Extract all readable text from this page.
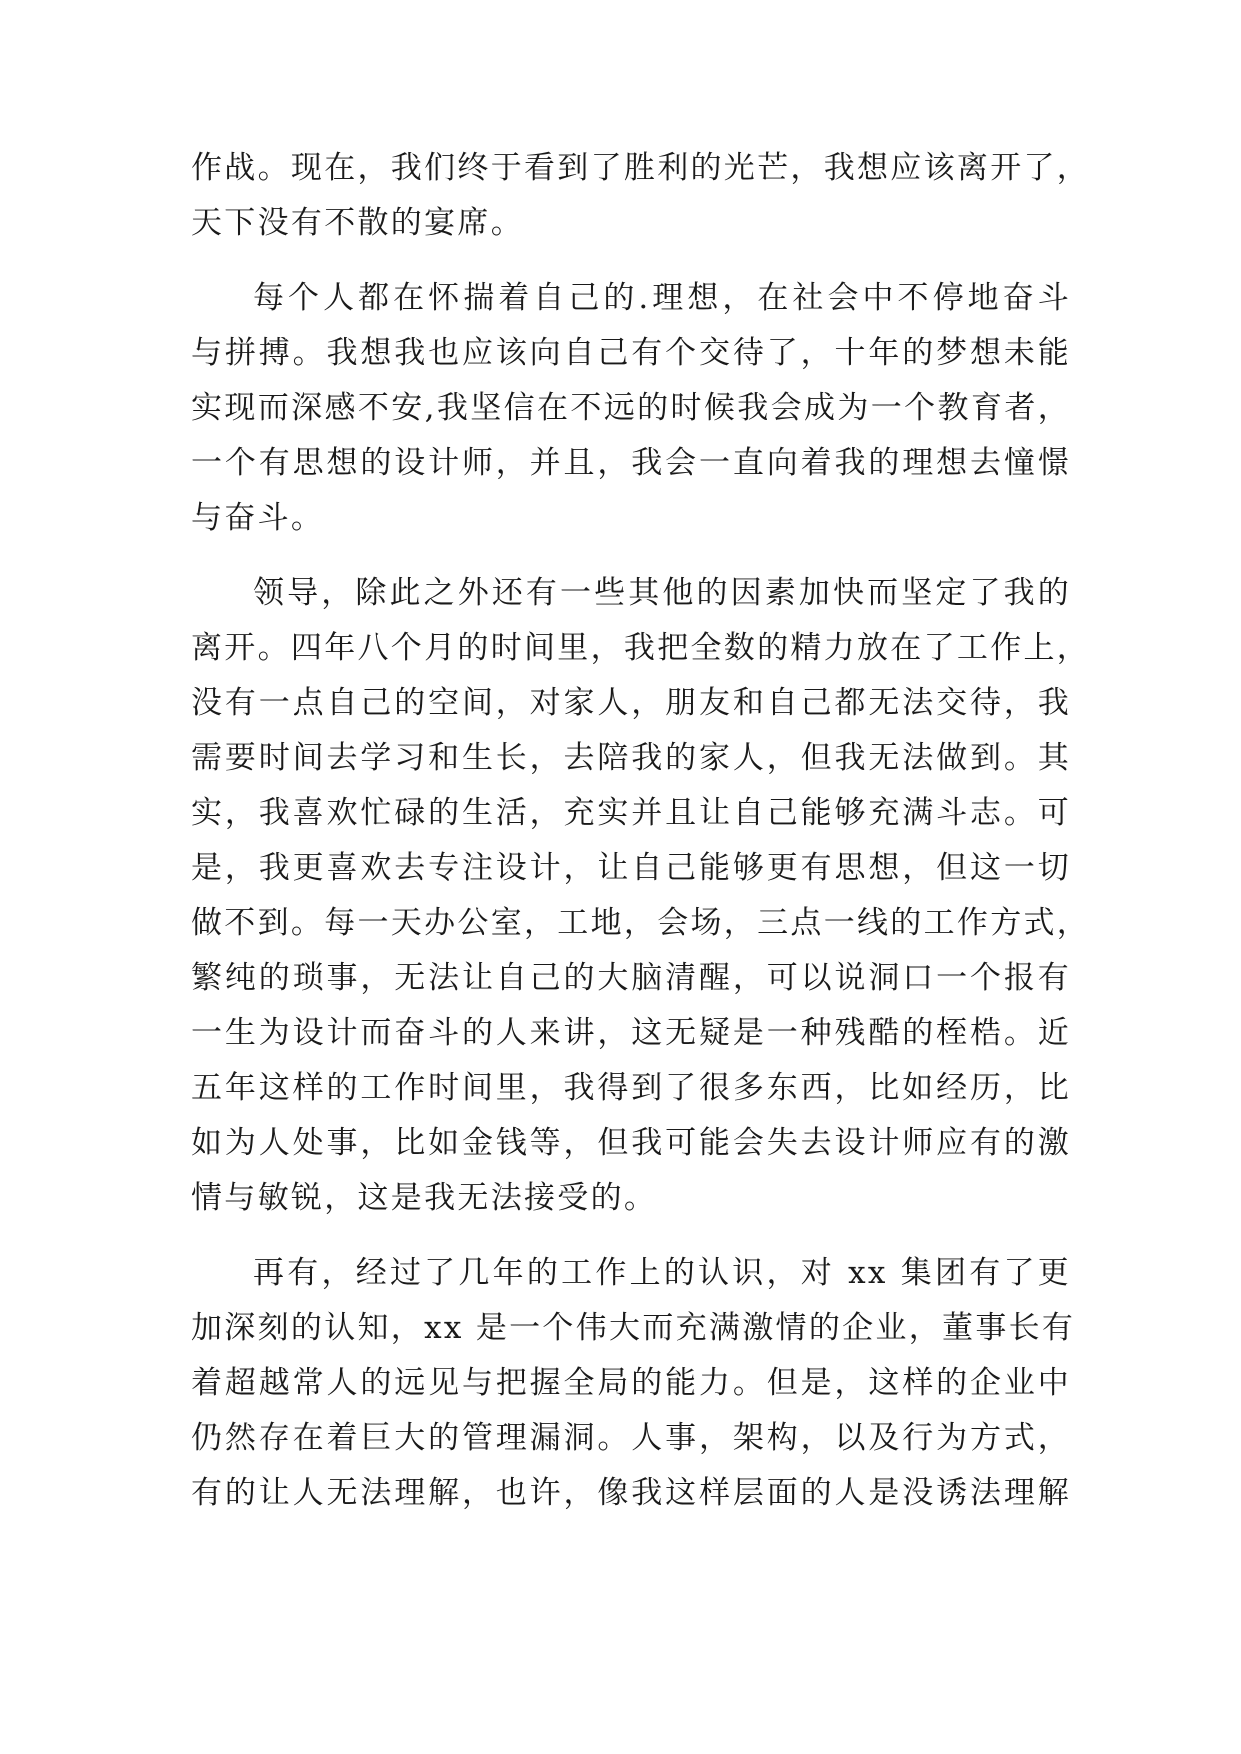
作战。现在，我们终于看到了胜利的光芒，我想应该离开了，
天下没有不散的宴席。
每个人都在怀揣着自己的.理想，在社会中不停地奋斗
与拼搏。我想我也应该向自己有个交待了，十年的梦想未能
实现而深感不安,我坚信在不远的时候我会成为一个教育者，
一个有思想的设计师，并且，我会一直向着我的理想去憧憬
与奋斗。
领导，除此之外还有一些其他的因素加快而坚定了我的
离开。四年八个月的时间里，我把全数的精力放在了工作上，
没有一点自己的空间，对家人，朋友和自己都无法交待，我
需要时间去学习和生长，去陪我的家人，但我无法做到。其
实，我喜欢忙碌的生活，充实并且让自己能够充满斗志。可
是，我更喜欢去专注设计，让自己能够更有思想，但这一切
做不到。每一天办公室，工地，会场，三点一线的工作方式，
繁纯的琐事，无法让自己的大脑清醒，可以说洞口一个报有
一生为设计而奋斗的人来讲，这无疑是一种残酷的桎梏。近
五年这样的工作时间里，我得到了很多东西，比如经历，比
如为人处事，比如金钱等，但我可能会失去设计师应有的激
情与敏锐，这是我无法接受的。
再有，经过了几年的工作上的认识，对 xx 集团有了更
加深刻的认知，xx 是一个伟大而充满激情的企业，董事长有
着超越常人的远见与把握全局的能力。但是，这样的企业中
仍然存在着巨大的管理漏洞。人事，架构，以及行为方式，
有的让人无法理解，也许，像我这样层面的人是没诱法理解
